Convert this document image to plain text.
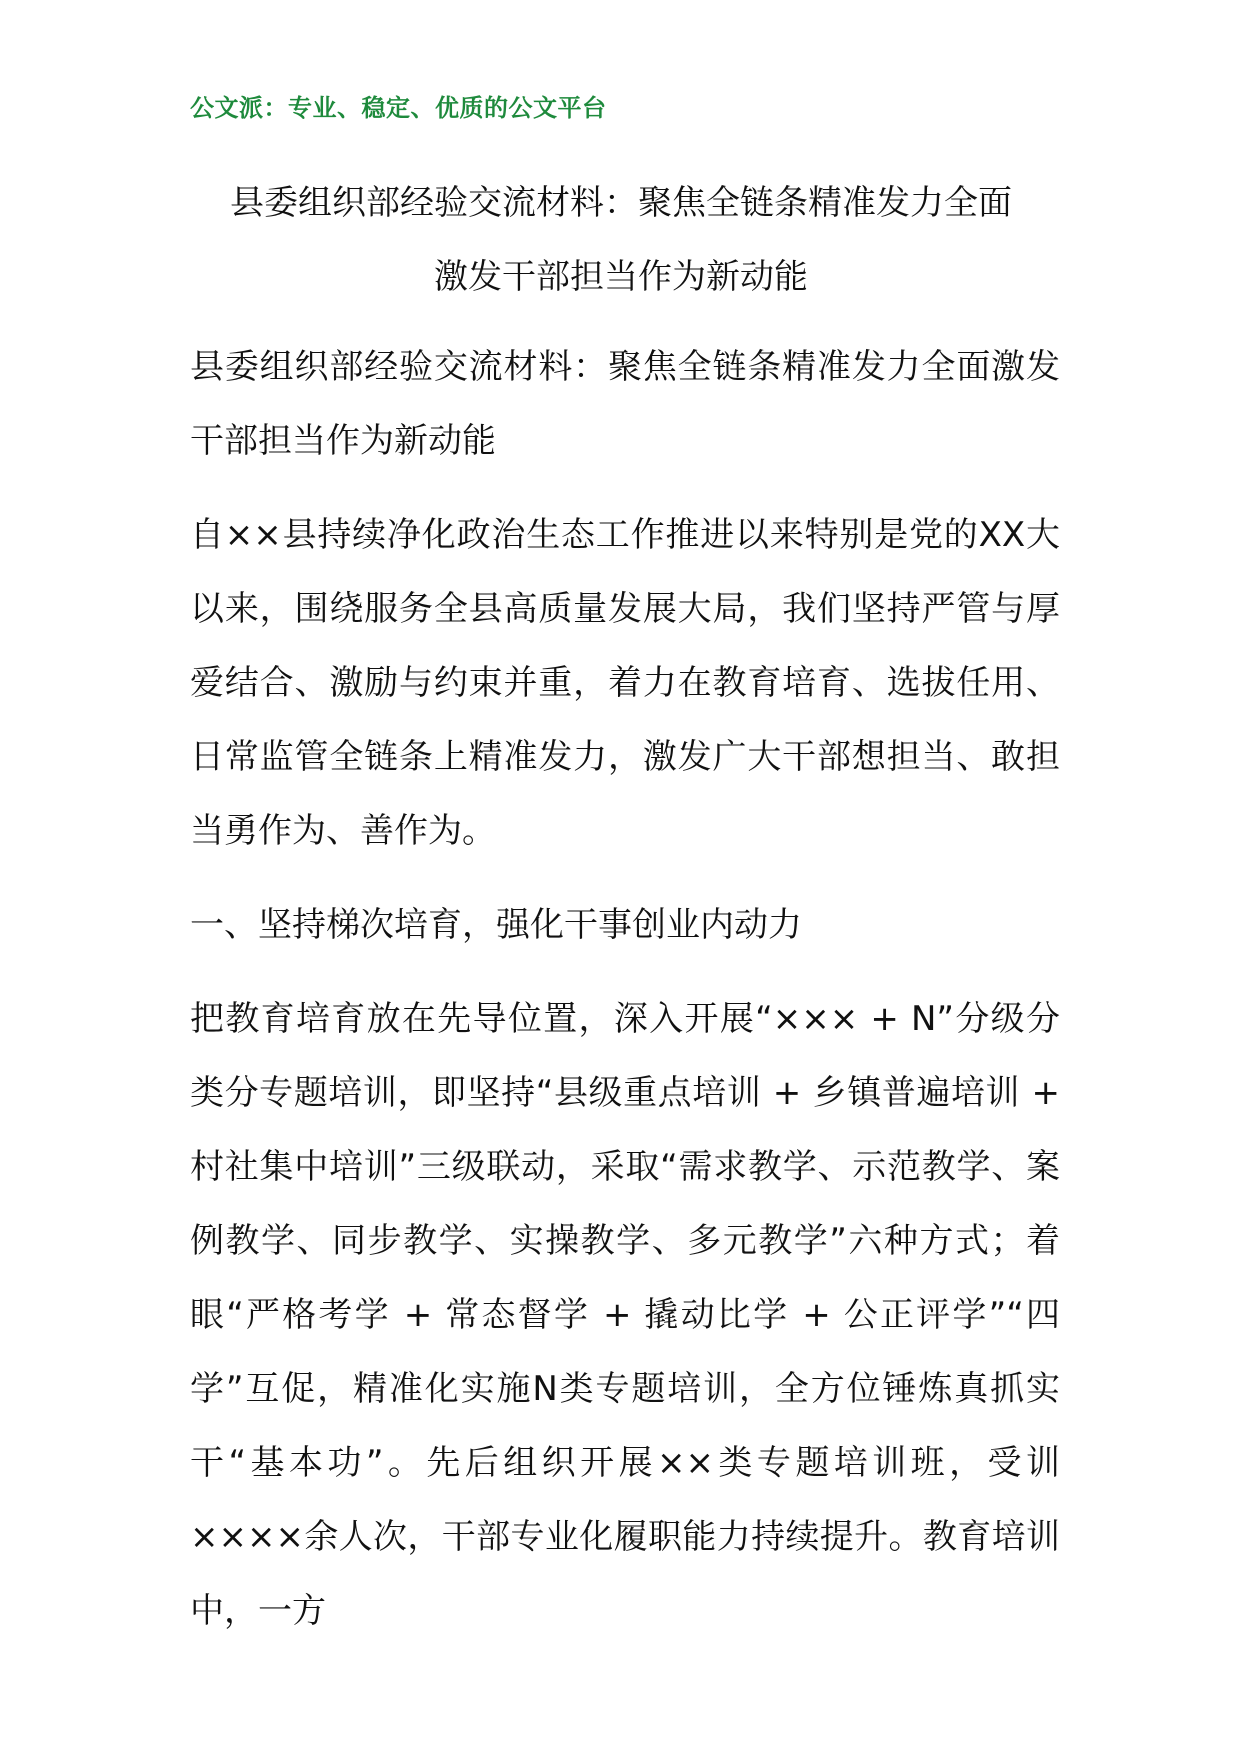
公文派：专业、稳定、优质的公文平台
县委组织部经验交流材料：聚焦全链条精准发力全面
激发干部担当作为新动能

县委组织部经验交流材料：聚焦全链条精准发力全面激发干部担当作为新动能

自××县持续净化政治生态工作推进以来特别是党的XX大以来，围绕服务全县高质量发展大局，我们坚持严管与厚爱结合、激励与约束并重，着力在教育培育、选拔任用、日常监管全链条上精准发力，激发广大干部想担当、敢担当勇作为、善作为。

一、坚持梯次培育，强化干事创业内动力

把教育培育放在先导位置，深入开展“××× + N”分级分类分专题培训，即坚持“县级重点培训 + 乡镇普遍培训 + 村社集中培训”三级联动，采取“需求教学、示范教学、案例教学、同步教学、实操教学、多元教学”六种方式；着眼“严格考学 + 常态督学 + 撬动比学 + 公正评学”“四学”互促，精准化实施N类专题培训，全方位锤炼真抓实干“基本功”。先后组织开展××类专题培训班，受训××××余人次，干部专业化履职能力持续提升。教育培训中，一方
